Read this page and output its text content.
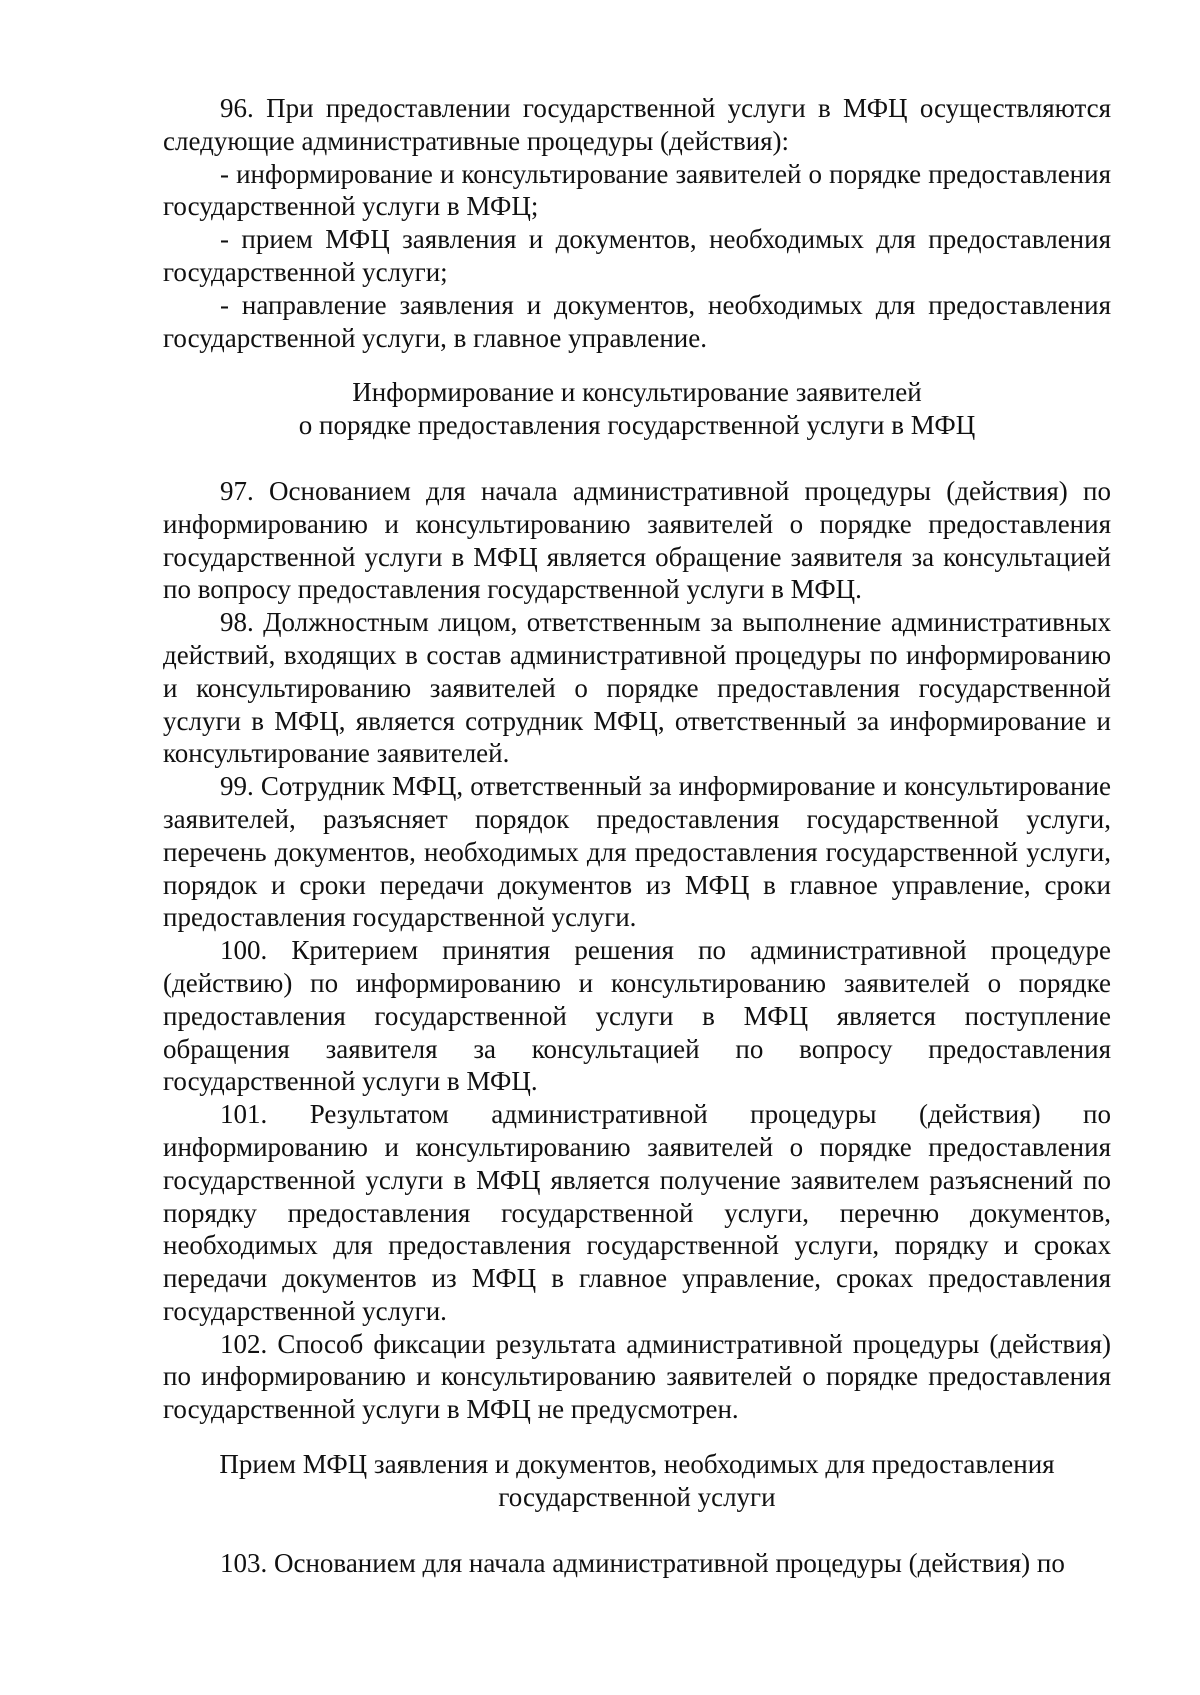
96. При предоставлении государственной услуги в МФЦ осуществляются следующие административные процедуры (действия):

- информирование и консультирование заявителей о порядке предоставления государственной услуги в МФЦ;

- прием МФЦ заявления и документов, необходимых для предоставления государственной услуги;

- направление заявления и документов, необходимых для предоставления государственной услуги, в главное управление.

Информирование и консультирование заявителей
о порядке предоставления государственной услуги в МФЦ

97. Основанием для начала административной процедуры (действия) по информированию и консультированию заявителей о порядке предоставления государственной услуги в МФЦ является обращение заявителя за консультацией по вопросу предоставления государственной услуги в МФЦ.

98. Должностным лицом, ответственным за выполнение административных действий, входящих в состав административной процедуры по информированию и консультированию заявителей о порядке предоставления государственной услуги в МФЦ, является сотрудник МФЦ, ответственный за информирование и консультирование заявителей.

99. Сотрудник МФЦ, ответственный за информирование и консультирование заявителей, разъясняет порядок предоставления государственной услуги, перечень документов, необходимых для предоставления государственной услуги, порядок и сроки передачи документов из МФЦ в главное управление, сроки предоставления государственной услуги.

100. Критерием принятия решения по административной процедуре (действию) по информированию и консультированию заявителей о порядке предоставления государственной услуги в МФЦ является поступление обращения заявителя за консультацией по вопросу предоставления государственной услуги в МФЦ.

101. Результатом административной процедуры (действия) по информированию и консультированию заявителей о порядке предоставления государственной услуги в МФЦ является получение заявителем разъяснений по порядку предоставления государственной услуги, перечню документов, необходимых для предоставления государственной услуги, порядку и сроках передачи документов из МФЦ в главное управление, сроках предоставления государственной услуги.

102. Способ фиксации результата административной процедуры (действия) по информированию и консультированию заявителей о порядке предоставления государственной услуги в МФЦ не предусмотрен.

Прием МФЦ заявления и документов, необходимых для предоставления
государственной услуги

103. Основанием для начала административной процедуры (действия) по
